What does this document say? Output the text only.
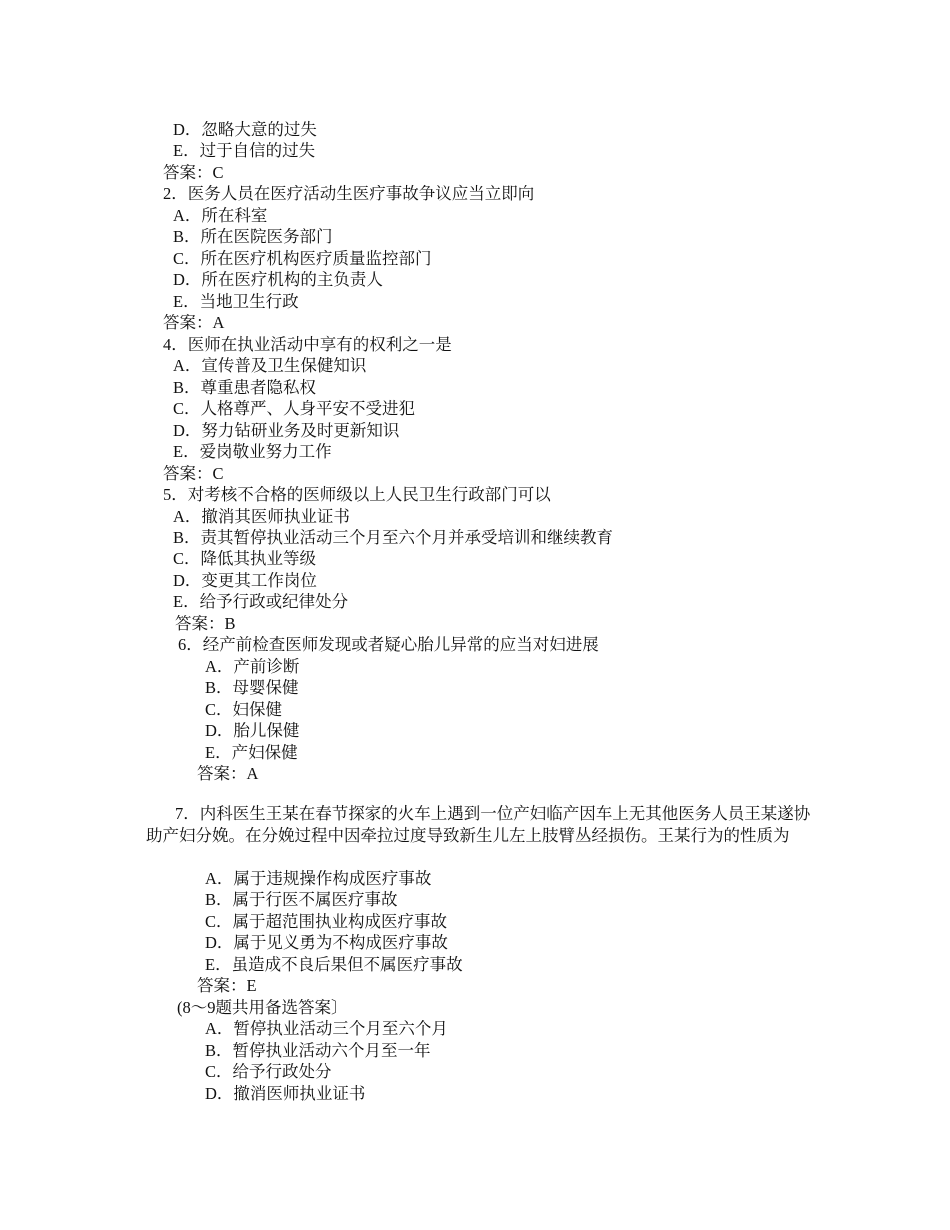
D．忽略大意的过失
E．过于自信的过失
答案：C
2．医务人员在医疗活动生医疗事故争议应当立即向
A．所在科室
B．所在医院医务部门
C．所在医疗机构医疗质量监控部门
D．所在医疗机构的主负责人
E．当地卫生行政
答案：A
4．医师在执业活动中享有的权利之一是
A．宣传普及卫生保健知识
B．尊重患者隐私权
C．人格尊严、人身平安不受进犯
D．努力钻研业务及时更新知识
E．爱岗敬业努力工作
答案：C
5．对考核不合格的医师级以上人民卫生行政部门可以
A．撤消其医师执业证书
B．责其暂停执业活动三个月至六个月并承受培训和继续教育
C．降低其执业等级
D．变更其工作岗位
E．给予行政或纪律处分
答案：B
6．经产前检查医师发现或者疑心胎儿异常的应当对妇进展
A．产前诊断
B．母婴保健
C．妇保健
D．胎儿保健
E．产妇保健
答案：A
7．内科医生王某在春节探家的火车上遇到一位产妇临产因车上无其他医务人员王某遂协助产妇分娩。在分娩过程中因牵拉过度导致新生儿左上肢臂丛经损伤。王某行为的性质为
A．属于违规操作构成医疗事故
B．属于行医不属医疗事故
C．属于超范围执业构成医疗事故
D．属于见义勇为不构成医疗事故
E．虽造成不良后果但不属医疗事故
答案：E
(8～9题共用备选答案〕
A．暂停执业活动三个月至六个月
B．暂停执业活动六个月至一年
C．给予行政处分
D．撤消医师执业证书
